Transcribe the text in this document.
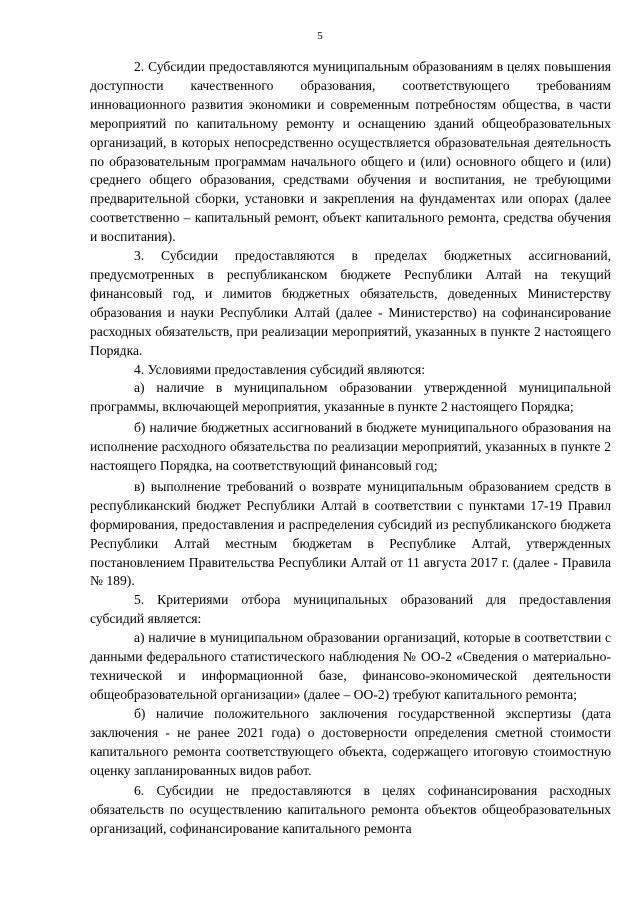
5

2. Субсидии предоставляются муниципальным образованиям в целях повышения доступности качественного образования, соответствующего требованиям инновационного развития экономики и современным потребностям общества, в части мероприятий по капитальному ремонту и оснащению зданий общеобразовательных организаций, в которых непосредственно осуществляется образовательная деятельность по образовательным программам начального общего и (или) основного общего и (или) среднего общего образования, средствами обучения и воспитания, не требующими предварительной сборки, установки и закрепления на фундаментах или опорах (далее соответственно – капитальный ремонт, объект капитального ремонта, средства обучения и воспитания).

3. Субсидии предоставляются в пределах бюджетных ассигнований, предусмотренных в республиканском бюджете Республики Алтай на текущий финансовый год, и лимитов бюджетных обязательств, доведенных Министерству образования и науки Республики Алтай (далее - Министерство) на софинансирование расходных обязательств, при реализации мероприятий, указанных в пункте 2 настоящего Порядка.

4. Условиями предоставления субсидий являются:

а) наличие в муниципальном образовании утвержденной муниципальной программы, включающей мероприятия, указанные в пункте 2 настоящего Порядка;

б) наличие бюджетных ассигнований в бюджете муниципального образования на исполнение расходного обязательства по реализации мероприятий, указанных в пункте 2 настоящего Порядка, на соответствующий финансовый год;

в) выполнение требований о возврате муниципальным образованием средств в республиканский бюджет Республики Алтай в соответствии с пунктами 17-19 Правил формирования, предоставления и распределения субсидий из республиканского бюджета Республики Алтай местным бюджетам в Республике Алтай, утвержденных постановлением Правительства Республики Алтай от 11 августа 2017 г. (далее - Правила № 189).

5. Критериями отбора муниципальных образований для предоставления субсидий является:

а) наличие в муниципальном образовании организаций, которые в соответствии с данными федерального статистического наблюдения № ОО-2 «Сведения о материально-технической и информационной базе, финансово-экономической деятельности общеобразовательной организации» (далее – ОО-2) требуют капитального ремонта;

б) наличие положительного заключения государственной экспертизы (дата заключения - не ранее 2021 года) о достоверности определения сметной стоимости капитального ремонта соответствующего объекта, содержащего итоговую стоимостную оценку запланированных видов работ.

6. Субсидии не предоставляются в целях софинансирования расходных обязательств по осуществлению капитального ремонта объектов общеобразовательных организаций, софинансирование капитального ремонта
